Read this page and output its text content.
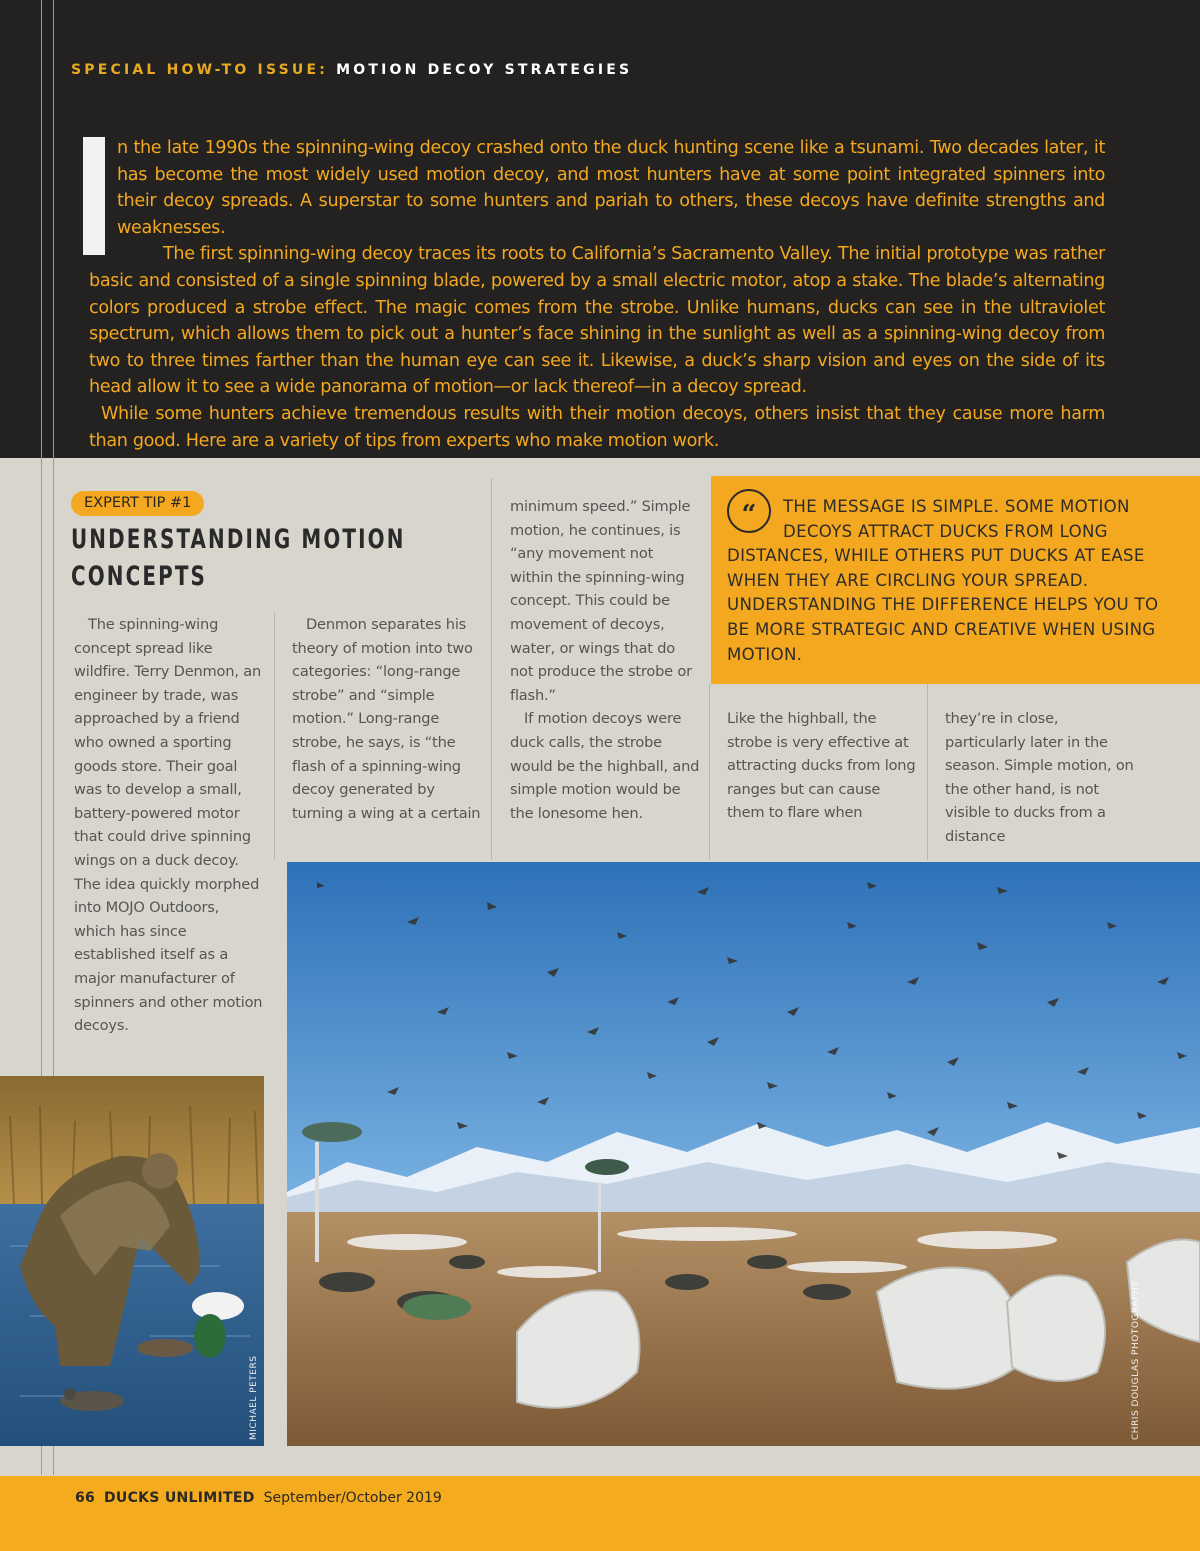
SPECIAL HOW-TO ISSUE: MOTION DECOY STRATEGIES

n the late 1990s the spinning-wing decoy crashed onto the duck hunting scene like a tsunami. Two decades later, it has become the most widely used motion decoy, and most hunters have at some point integrated spinners into their decoy spreads. A superstar to some hunters and pariah to others, these decoys have definite strengths and weaknesses.

The first spinning-wing decoy traces its roots to California’s Sacramento Valley. The initial prototype was rather basic and consisted of a single spinning blade, powered by a small electric motor, atop a stake. The blade’s alternating colors produced a strobe effect. The magic comes from the strobe. Unlike humans, ducks can see in the ultraviolet spectrum, which allows them to pick out a hunter’s face shining in the sunlight as well as a spinning-wing decoy from two to three times farther than the human eye can see it. Likewise, a duck’s sharp vision and eyes on the side of its head allow it to see a wide panorama of motion—or lack thereof—in a decoy spread.

While some hunters achieve tremendous results with their motion decoys, others insist that they cause more harm than good. Here are a variety of tips from experts who make motion work.

EXPERT TIP #1
UNDERSTANDING MOTION
CONCEPTS

The spinning-wing concept spread like wildfire. Terry Denmon, an engineer by trade, was approached by a friend who owned a sporting goods store. Their goal was to develop a small, battery-powered motor that could drive spinning wings on a duck decoy. The idea quickly morphed into MOJO Outdoors, which has since established itself as a major manufacturer of spinners and other motion decoys.

Denmon separates his theory of motion into two categories: “long-range strobe” and “simple motion.” Long-range strobe, he says, is “the flash of a spinning-wing decoy generated by turning a wing at a certain

minimum speed.” Simple motion, he continues, is “any movement not within the spinning-wing concept. This could be movement of decoys, water, or wings that do not produce the strobe or flash.”

If motion decoys were duck calls, the strobe would be the highball, and simple motion would be the lonesome hen.

Like the highball, the strobe is very effective at attracting ducks from long ranges but can cause them to flare when

they’re in close, particularly later in the season. Simple motion, on the other hand, is not visible to ducks from a distance

“	THE MESSAGE IS SIMPLE. SOME MOTION DECOYS ATTRACT DUCKS FROM LONG DISTANCES, WHILE OTHERS PUT DUCKS AT EASE WHEN THEY ARE CIRCLING YOUR SPREAD. UNDERSTANDING THE DIFFERENCE HELPS YOU TO BE MORE STRATEGIC AND CREATIVE WHEN USING MOTION.
MICHAEL PETERS	CHRIS DOUGLAS PHOTOGRAPHY
66 DUCKS UNLIMITED September/October 2019
